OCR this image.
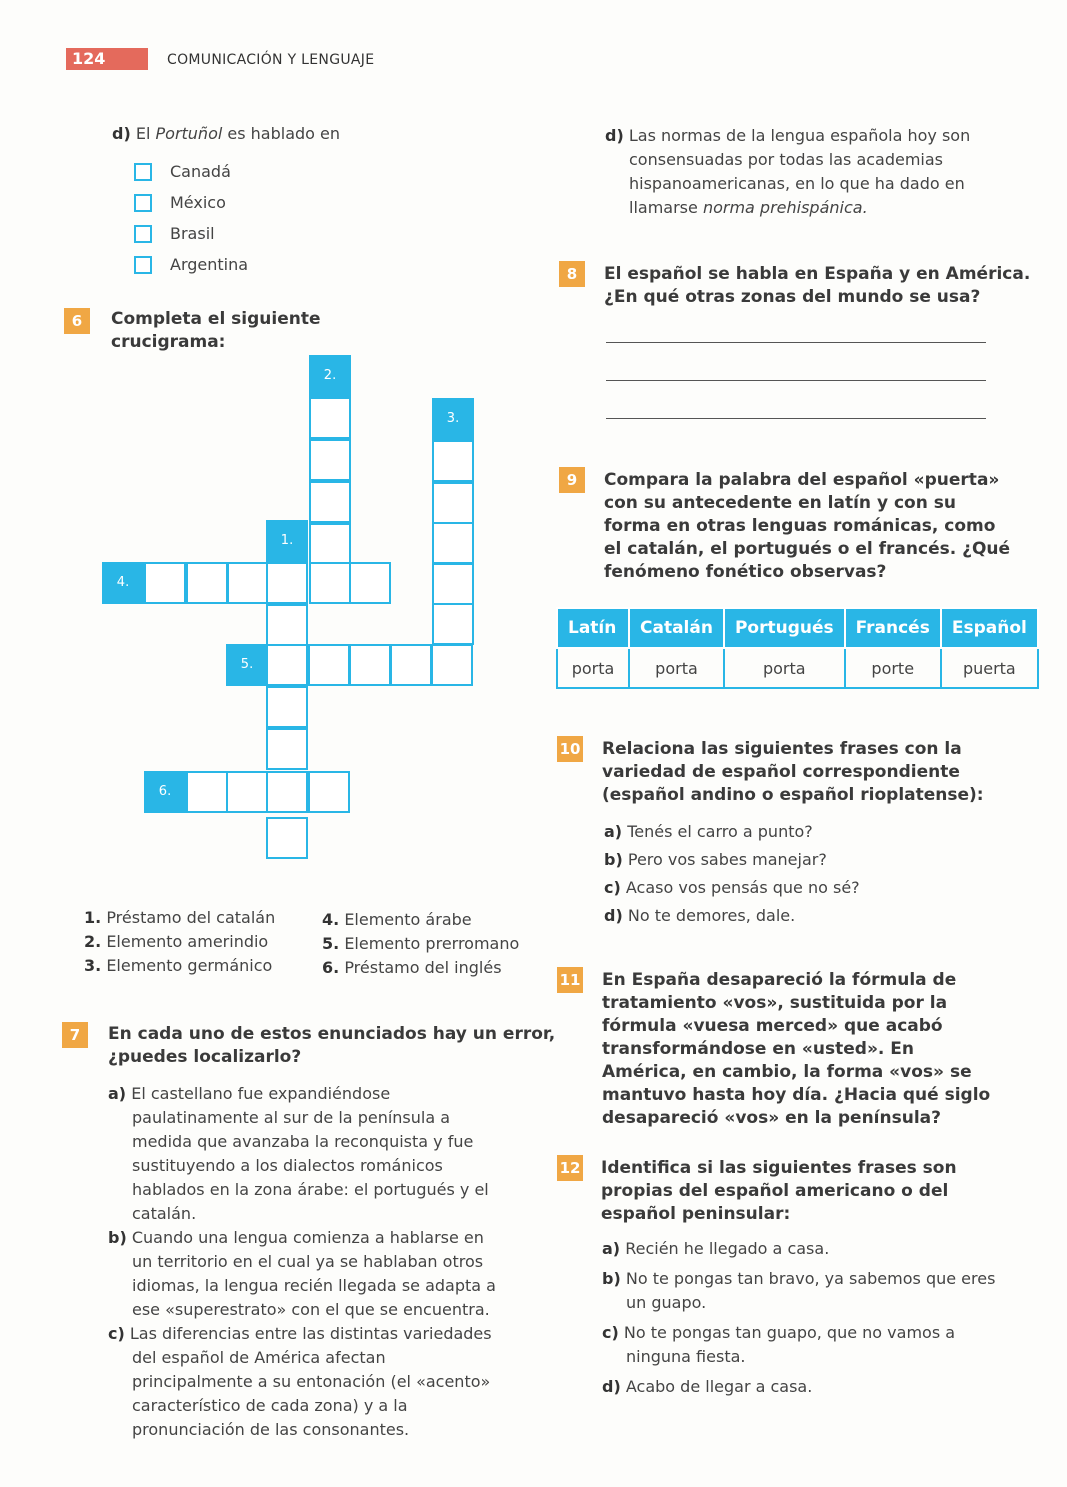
124	COMUNICACIÓN Y LENGUAJE
d) El Portuñol es hablado en
Canadá
México
Brasil
Argentina
6	Completa el siguiente
crucigrama:
2.
3.
1.
4.
5.
6.
1. Préstamo del catalán
2. Elemento amerindio
3. Elemento germánico
4. Elemento árabe
5. Elemento prerromano
6. Préstamo del inglés
7	En cada uno de estos enunciados hay un error,
¿puedes localizarlo?
a) El castellano fue expandiéndose paulatinamente al sur de la península a medida que avanzaba la reconquista y fue sustituyendo a los dialectos románicos hablados en la zona árabe: el portugués y el catalán.
b) Cuando una lengua comienza a hablarse en un territorio en el cual ya se hablaban otros idiomas, la lengua recién llegada se adapta a ese «superestrato» con el que se encuentra.
c) Las diferencias entre las distintas variedades del español de América afectan principalmente a su entonación (el «acento» característico de cada zona) y a la pronunciación de las consonantes.
d) Las normas de la lengua españolа hoy son consensuadas por todas las academias hispanoamericanas, en lo que ha dado en llamarse norma prehispánica.
8	El español se habla en España y en América.
¿En qué otras zonas del mundo se usa?
9	Compara la palabra del español «puerta» con su antecedente en latín y con su forma en otras lenguas románicas, como el catalán, el portugués o el francés. ¿Qué fenómeno fonético observas?
Latín	Catalán	Portugués	Francés	Español
porta	porta	porta	porte	puerta
10 Relaciona las siguientes frases con la variedad de español correspondiente (español andino o español rioplatense):
a) Tenés el carro a punto?
b) Pero vos sabes manejar?
c) Acaso vos pensás que no sé?
d) No te demores, dale.
11 En España desapareció la fórmula de tratamiento «vos», sustituida por la fórmula «vuesa merced» que acabó transformándose en «usted». En América, en cambio, la forma «vos» se mantuvo hasta hoy día. ¿Hacia qué siglo desapareció «vos» en la península?
12 Identifica si las siguientes frases son propias del español americano o del español peninsular:
a) Recién he llegado a casa.
b) No te pongas tan bravo, ya sabemos que eres un guapo.
c) No te pongas tan guapo, que no vamos a ninguna fiesta.
d) Acabo de llegar a casa.
